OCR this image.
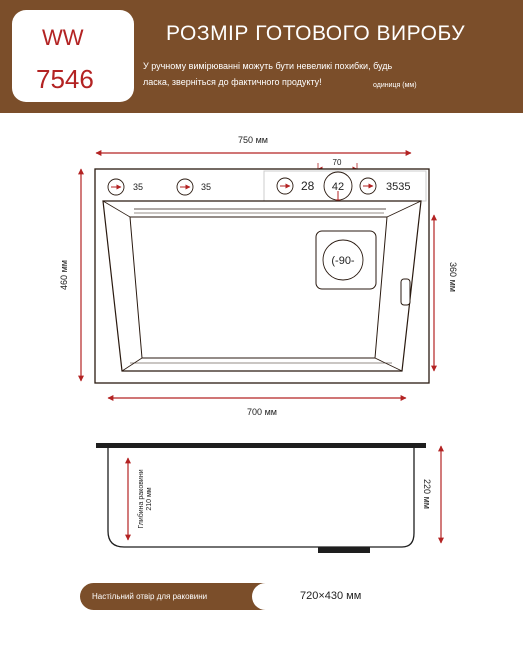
WW
7546
РОЗМІР ГОТОВОГО ВИРОБУ
У ручному вимірюванні можуть бути невеликі похибки, будь
ласка, зверніться до фактичного продукту!	одиниця (мм)
750 мм
70
460 мм
35	35	28 42	3535
(-90-
360 мм
700 мм
220 мм
Глибина раковини 210 мм
Настільний отвір для раковини	720×430 мм
